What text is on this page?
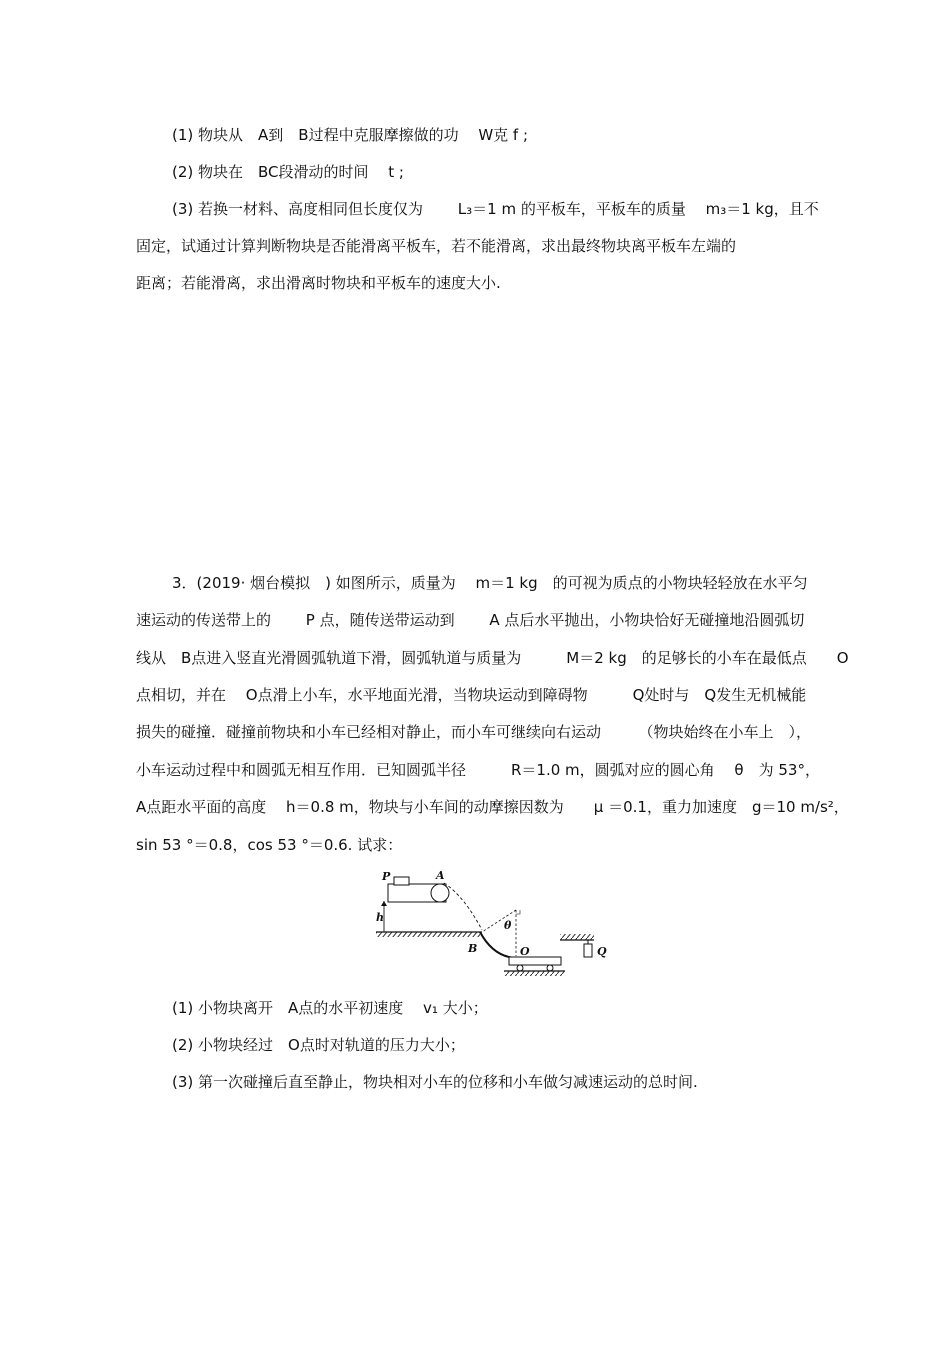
(1) 物块从　A到　B过程中克服摩擦做的功　 W克 f ;
(2) 物块在　BC段滑动的时间　 t ;
(3) 若换一材料、高度相同但长度仅为　　 L₃＝1 m 的平板车，平板车的质量　 m₃＝1 kg，且不
固定，试通过计算判断物块是否能滑离平板车，若不能滑离，求出最终物块离平板车左端的
距离；若能滑离，求出滑离时物块和平板车的速度大小.
3．(2019· 烟台模拟　) 如图所示，质量为　 m＝1 kg　的可视为质点的小物块轻轻放在水平匀
速运动的传送带上的　　 P 点，随传送带运动到　　 A 点后水平抛出，小物块恰好无碰撞地沿圆弧切
线从　B点进入竖直光滑圆弧轨道下滑，圆弧轨道与质量为　　　M＝2 kg　的足够长的小车在最低点　　O
点相切，并在　 O点滑上小车，水平地面光滑，当物块运动到障碍物　　　Q处时与　Q发生无机械能
损失的碰撞．碰撞前物块和小车已经相对静止，而小车可继续向右运动　　　（物块始终在小车上　），
小车运动过程中和圆弧无相互作用．已知圆弧半径　　　R＝1.0 m，圆弧对应的圆心角　 θ　为 53°，
A点距水平面的高度　 h＝0.8 m，物块与小车间的动摩擦因数为　　μ ＝0.1，重力加速度　g＝10 m/s²，
sin 53 °＝0.8，cos 53 °＝0.6. 试求：
P	A
h
B	O
θ
Q
(1) 小物块离开　A点的水平初速度　 v₁ 大小；
(2) 小物块经过　O点时对轨道的压力大小；
(3) 第一次碰撞后直至静止，物块相对小车的位移和小车做匀减速运动的总时间.
